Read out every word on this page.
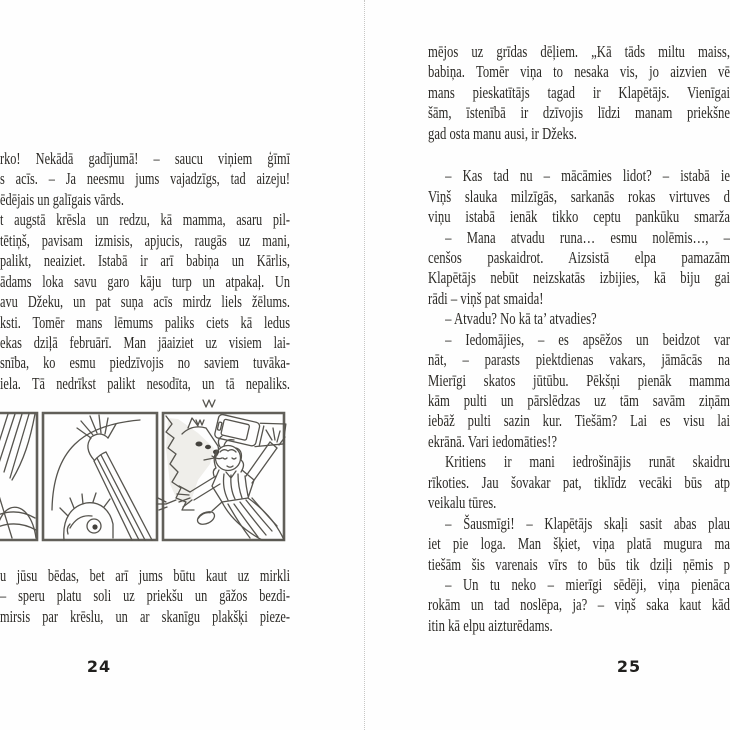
rko! Nekādā gadījumā! – saucu viņiem ģīmī
s acīs. – Ja neesmu jums vajadzīgs, tad aizeju!
ēdējais un galīgais vārds.
t augstā krēsla un redzu, kā mamma, asaru pil-
tētiņš, pavisam izmisis, apjucis, raugās uz mani,
palikt, neaiziet. Istabā ir arī babiņa un Kārlis,
ādams loka savu garo kāju turp un atpakaļ. Un
avu Džeku, un pat suņa acīs mirdz liels žēlums.
ksti. Tomēr mans lēmums paliks ciets kā ledus
ekas dziļā februārī. Man jāaiziet uz visiem lai-
snība, ko esmu piedzīvojis no saviem tuvāka-
iela. Tā nedrīkst palikt nesodīta, un tā nepaliks.
u jūsu bēdas, bet arī jums būtu kaut uz mirkli
– speru platu soli uz priekšu un gāžos bezdi-
mirsis par krēslu, un ar skanīgu plakšķi pieze-
24
mējos uz grīdas dēļiem. „Kā tāds miltu maiss,
babiņa. Tomēr viņa to nesaka vis, jo aizvien vē
mans pieskatītājs tagad ir Klapētājs. Vienīgai
šām, īstenībā ir dzīvojis līdzi manam priekšne
gad osta manu ausi, ir Džeks.

– Kas tad nu – mācāmies lidot? – istabā ie
Viņš slauka milzīgās, sarkanās rokas virtuves d
viņu istabā ienāk tikko ceptu pankūku smarža
– Mana atvadu runa… esmu nolēmis…, –
cenšos paskaidrot. Aizsistā elpa pamazām
Klapētājs nebūt neizskatās izbijies, kā biju gai
rādi – viņš pat smaida!
– Atvadu? No kā ta’ atvadies?
– Iedomājies, – es apsēžos un beidzot var
nāt, – parasts piektdienas vakars, jāmācās na
Mierīgi skatos jūtūbu. Pēkšņi pienāk mamma
kām pulti un pārslēdzas uz tām savām ziņām
iebāž pulti sazin kur. Tiešām? Lai es visu lai
ekrānā. Vari iedomāties!?
Kritiens ir mani iedrošinājis runāt skaidru
rīkoties. Jau šovakar pat, tiklīdz vecāki būs atp
veikalu tūres.
– Šausmīgi! – Klapētājs skaļi sasit abas plau
iet pie loga. Man šķiet, viņa platā mugura ma
tiešām šis varenais vīrs to būs tik dziļi ņēmis p
– Un tu neko – mierīgi sēdēji, viņa pienāca
rokām un tad noslēpa, ja? – viņš saka kaut kād
itin kā elpu aizturēdams.
25
